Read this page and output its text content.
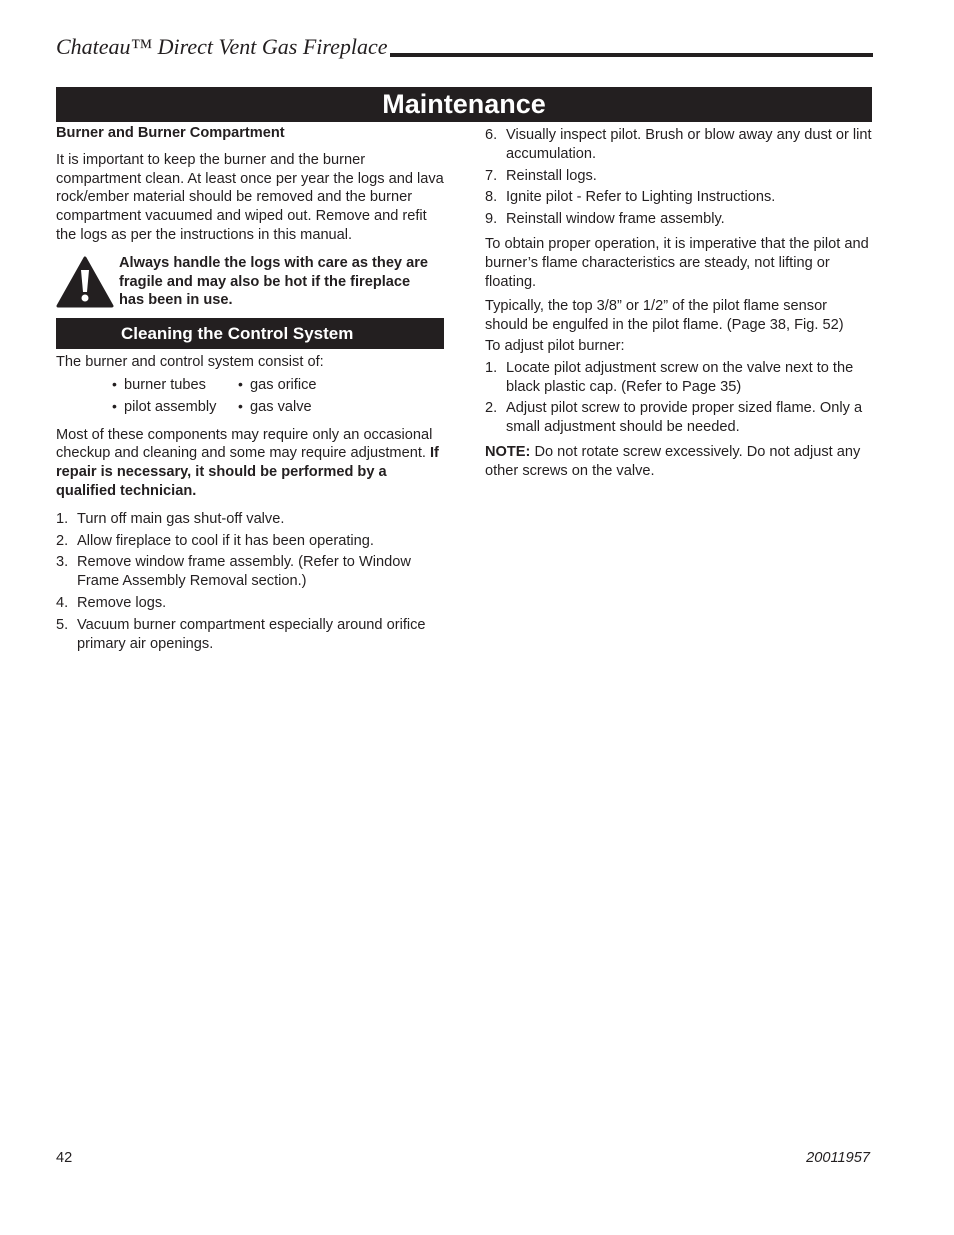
Chateau™ Direct Vent Gas Fireplace
Maintenance
Burner and Burner Compartment

It is important to keep the burner and the burner compartment clean. At least once per year the logs and lava rock/ember material should be removed and the burner compartment vacuumed and wiped out. Remove and refit the logs as per the instructions in this manual.

Always handle the logs with care as they are fragile and may also be hot if the fireplace has been in use.
Cleaning the Control System

The burner and control system consist of:

• burner tubes • gas orifice
• pilot assembly • gas valve

Most of these components may require only an occasional checkup and cleaning and some may require adjustment. If repair is necessary, it should be performed by a qualified technician.

1. Turn off main gas shut-off valve.
2. Allow fireplace to cool if it has been operating.
3. Remove window frame assembly. (Refer to Window Frame Assembly Removal section.)
4. Remove logs.
5. Vacuum burner compartment especially around orifice primary air openings.
6. Visually inspect pilot. Brush or blow away any dust or lint accumulation.
7. Reinstall logs.
8. Ignite pilot - Refer to Lighting Instructions.
9. Reinstall window frame assembly.

To obtain proper operation, it is imperative that the pilot and burner’s flame characteristics are steady, not lifting or floating.

Typically, the top 3/8” or 1/2” of the pilot flame sensor should be engulfed in the pilot flame. (Page 38, Fig. 52)

To adjust pilot burner:

1. Locate pilot adjustment screw on the valve next to the black plastic cap. (Refer to Page 35)
2. Adjust pilot screw to provide proper sized flame. Only a small adjustment should be needed.

NOTE: Do not rotate screw excessively. Do not adjust any other screws on the valve.

42	20011957
